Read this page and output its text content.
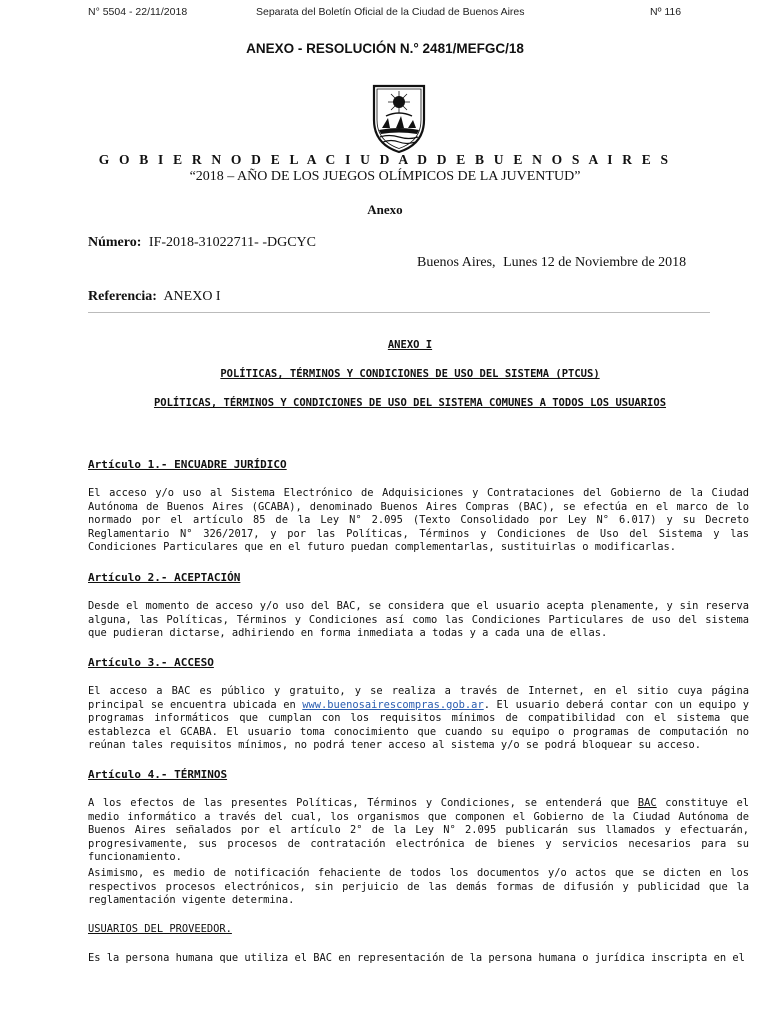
N° 5504 - 22/11/2018	Separata del Boletín Oficial de la Ciudad de Buenos Aires	Nº 116
ANEXO - RESOLUCIÓN N.° 2481/MEFGC/18
G O B I E R N O D E L A C I U D A D D E B U E N O S A I R E S
“2018 – AÑO DE LOS JUEGOS OLÍMPICOS DE LA JUVENTUD”
Anexo
Número: IF-2018-31022711- -DGCYC
Buenos Aires, Lunes 12 de Noviembre de 2018
Referencia: ANEXO I
ANEXO I
POLÍTICAS, TÉRMINOS Y CONDICIONES DE USO DEL SISTEMA (PTCUS)
POLÍTICAS, TÉRMINOS Y CONDICIONES DE USO DEL SISTEMA COMUNES A TODOS LOS USUARIOS
Artículo 1.- ENCUADRE JURÍDICO
El acceso y/o uso al Sistema Electrónico de Adquisiciones y Contrataciones del Gobierno de la Ciudad Autónoma de Buenos Aires (GCABA), denominado Buenos Aires Compras (BAC), se efectúa en el marco de lo normado por el artículo 85 de la Ley N° 2.095 (Texto Consolidado por Ley N° 6.017) y su Decreto Reglamentario N° 326/2017, y por las Políticas, Términos y Condiciones de Uso del Sistema y las Condiciones Particulares que en el futuro puedan complementarlas, sustituirlas o modificarlas.
Artículo 2.- ACEPTACIÓN
Desde el momento de acceso y/o uso del BAC, se considera que el usuario acepta plenamente, y sin reserva alguna, las Políticas, Términos y Condiciones así como las Condiciones Particulares de uso del sistema que pudieran dictarse, adhiriendo en forma inmediata a todas y a cada una de ellas.
Artículo 3.- ACCESO
El acceso a BAC es público y gratuito, y se realiza a través de Internet, en el sitio cuya página principal se encuentra ubicada en www.buenosairescompras.gob.ar. El usuario deberá contar con un equipo y programas informáticos que cumplan con los requisitos mínimos de compatibilidad con el sistema que establezca el GCABA. El usuario toma conocimiento que cuando su equipo o programas de computación no reúnan tales requisitos mínimos, no podrá tener acceso al sistema y/o se podrá bloquear su acceso.
Artículo 4.- TÉRMINOS
A los efectos de las presentes Políticas, Términos y Condiciones, se entenderá que BAC constituye el medio informático a través del cual, los organismos que componen el Gobierno de la Ciudad Autónoma de Buenos Aires señalados por el artículo 2° de la Ley N° 2.095 publicarán sus llamados y efectuarán, progresivamente, sus procesos de contratación electrónica de bienes y servicios necesarios para su funcionamiento.
Asimismo, es medio de notificación fehaciente de todos los documentos y/o actos que se dicten en los respectivos procesos electrónicos, sin perjuicio de las demás formas de difusión y publicidad que la reglamentación vigente determina.
USUARIOS DEL PROVEEDOR.
Es la persona humana que utiliza el BAC en representación de la persona humana o jurídica inscripta en el
